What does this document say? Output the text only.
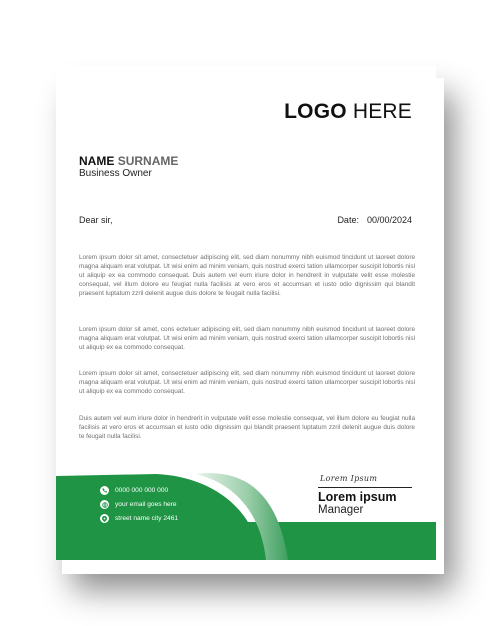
LOGO HERE
NAME SURNAME
Business Owner
Dear sir,	Date: 00/00/2024

Lorem ipsum dolor sit amet, consectetuer adipiscing elit, sed diam nonummy nibh euismod tincidunt ut laoreet dolore magna aliquam erat volutpat. Ut wisi enim ad minim veniam, quis nostrud exerci tation ullamcorper suscipit lobortis nisl ut aliquip ex ea commodo consequat. Duis autem vel eum iriure dolor in hendrerit in vulputate velit esse molestie consequat, vel illum dolore eu feugiat nulla facilisis at vero eros et accumsan et iusto odio dignissim qui blandit praesent luptatum zzril delenit augue duis dolore te feugait nulla facilisi.

Lorem ipsum dolor sit amet, cons ectetuer adipiscing elit, sed diam nonummy nibh euismod tincidunt ut laoreet dolore magna aliquam erat volutpat. Ut wisi enim ad minim veniam, quis nostrud exerci tation ullamcorper suscipit lobortis nisl ut aliquip ex ea commodo consequat.

Lorem ipsum dolor sit amet, consectetuer adipiscing elit, sed diam nonummy nibh euismod tincidunt ut laoreet dolore magna aliquam erat volutpat. Ut wisi enim ad minim veniam, quis nostrud exerci tation ullamcorper suscipit lobortis nisl ut aliquip ex ea commodo consequat.

Duis autem vel eum iriure dolor in hendrerit in vulputate velit esse molestie consequat, vel illum dolore eu feugiat nulla facilisis at vero eros et accumsan et iusto odio dignissim qui blandit praesent luptatum zzril delenit augue duis dolore te feugait nulla facilisi.

0000 000 000 000
your email goes here
street name city 2461
Lorem Ipsum
Lorem ipsum
Manager
